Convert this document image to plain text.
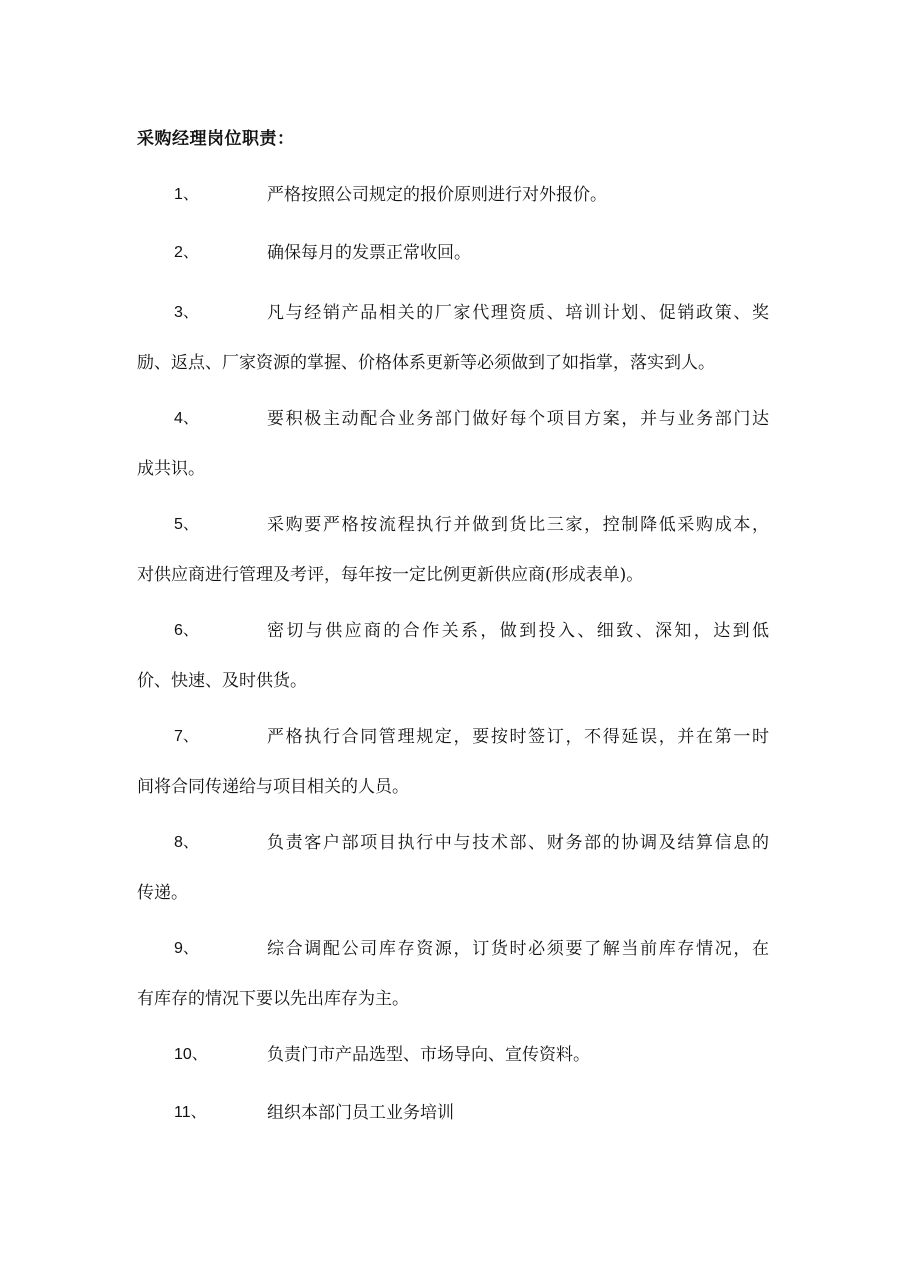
采购经理岗位职责：
1、	严格按照公司规定的报价原则进行对外报价。
2、	确保每月的发票正常收回。
3、	凡与经销产品相关的厂家代理资质、培训计划、促销政策、奖
励、返点、厂家资源的掌握、价格体系更新等必须做到了如指掌，落实到人。
4、	要积极主动配合业务部门做好每个项目方案，并与业务部门达
成共识。
5、	采购要严格按流程执行并做到货比三家，控制降低采购成本，
对供应商进行管理及考评，每年按一定比例更新供应商(形成表单)。
6、	密切与供应商的合作关系，做到投入、细致、深知，达到低
价、快速、及时供货。
7、	严格执行合同管理规定，要按时签订，不得延误，并在第一时
间将合同传递给与项目相关的人员。
8、	负责客户部项目执行中与技术部、财务部的协调及结算信息的
传递。
9、	综合调配公司库存资源，订货时必须要了解当前库存情况，在
有库存的情况下要以先出库存为主。
10、	负责门市产品选型、市场导向、宣传资料。
11、	组织本部门员工业务培训
